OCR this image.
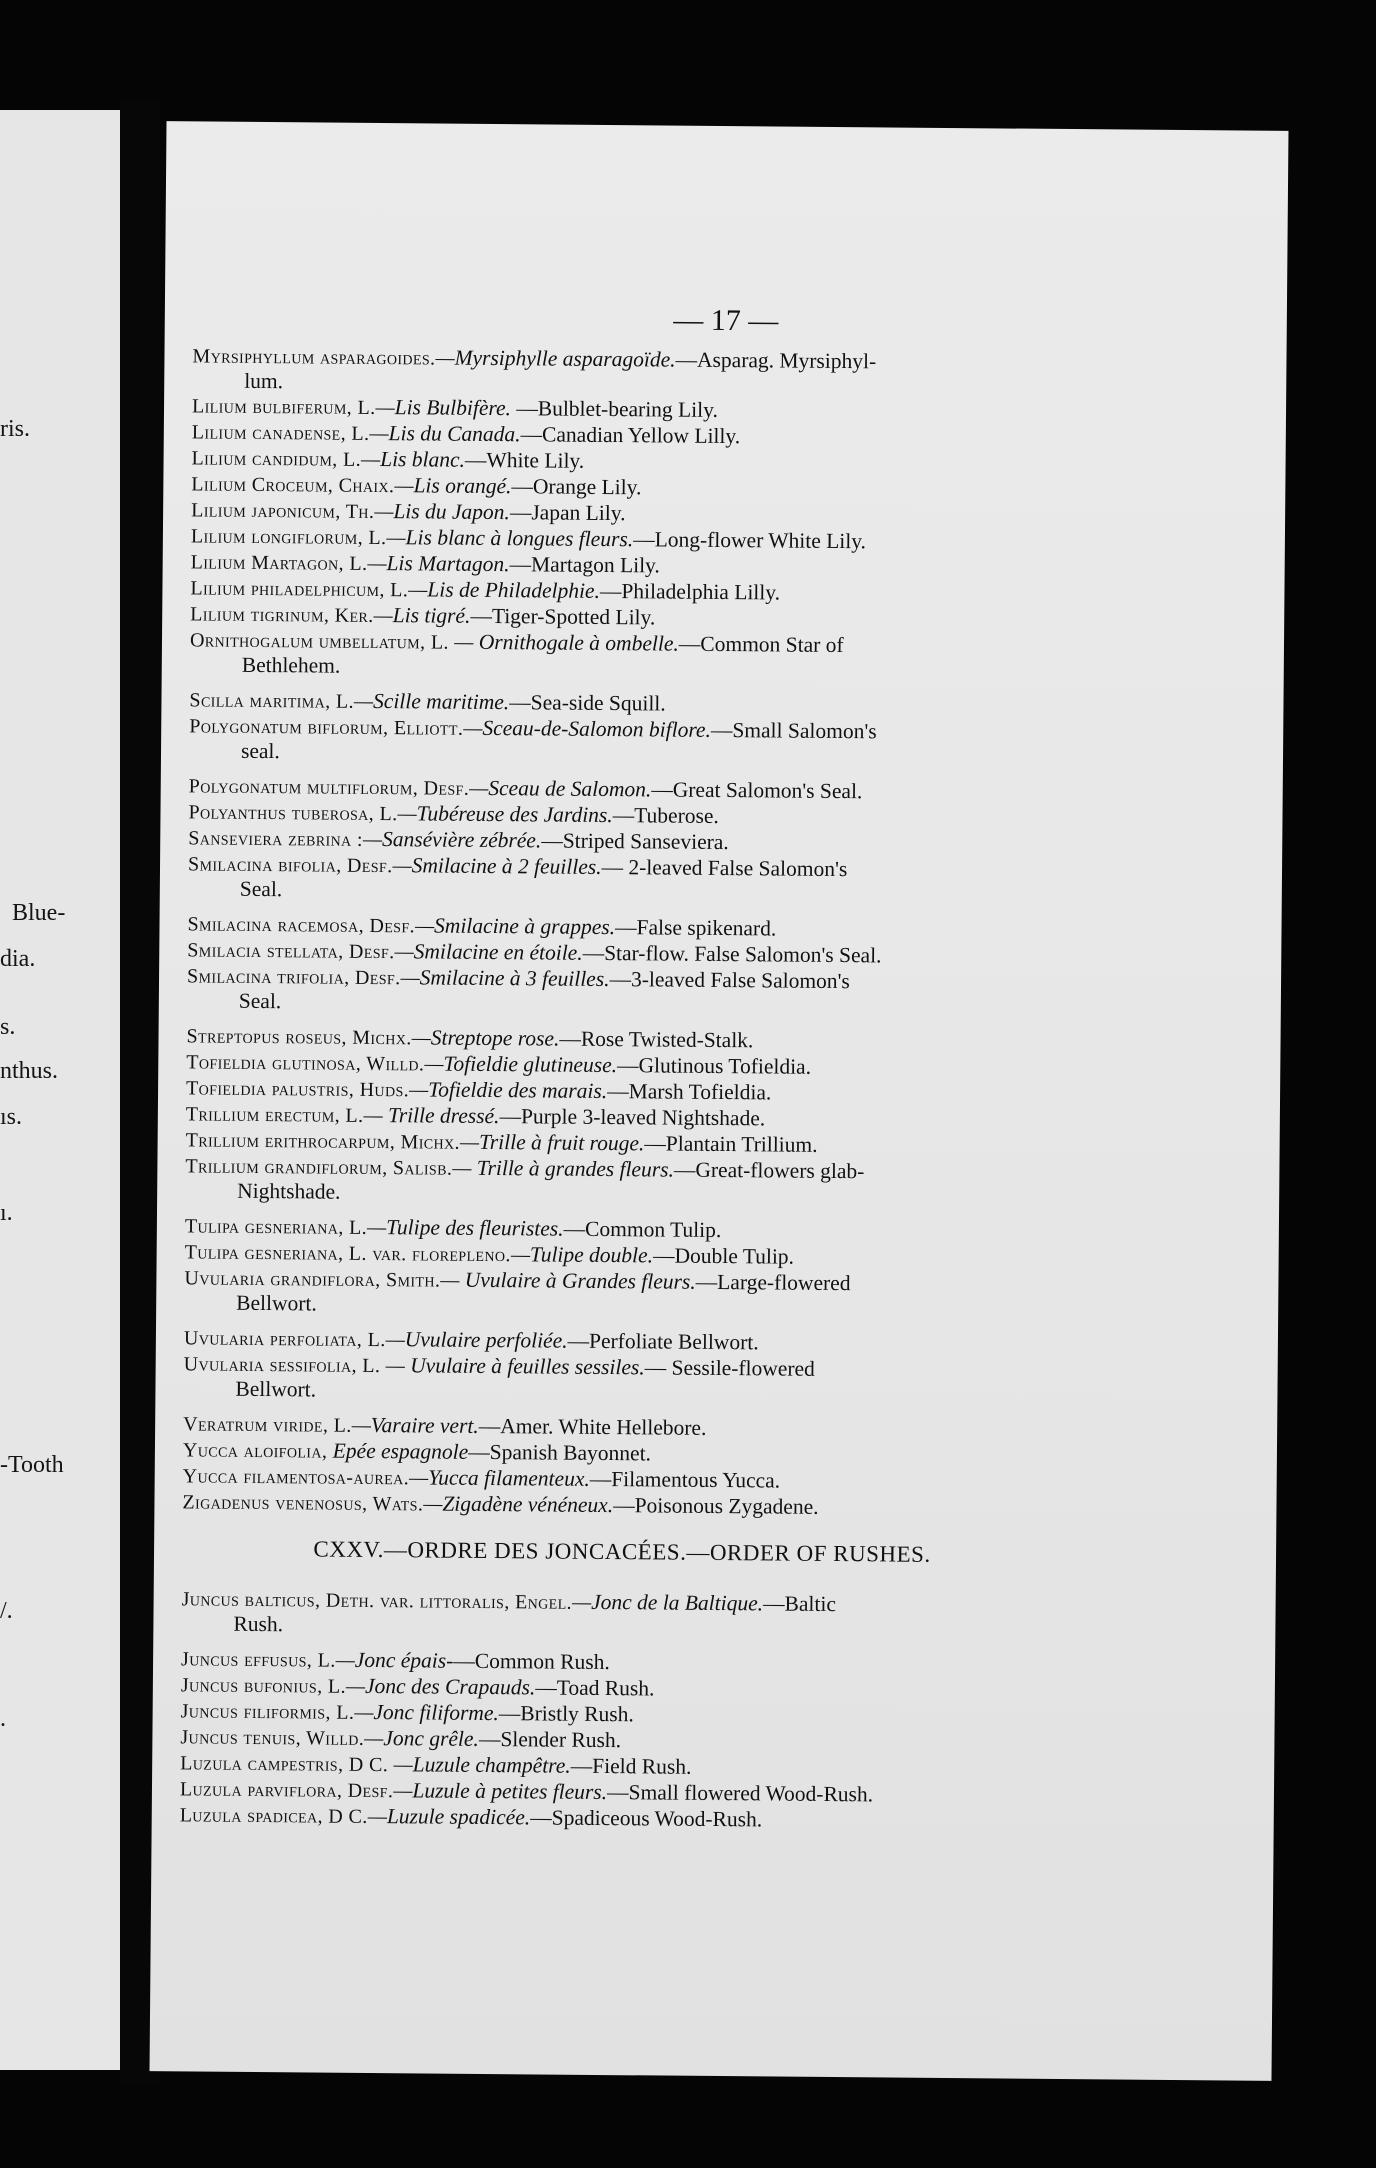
ris.
Blue-
dia.
s.
nthus.
ıs.
ı.
-Tooth
/.
.
— 17 —
Myrsiphyllum asparagoides.—Myrsiphylle asparagoïde.—Asparag. Myrsiphyl-
lum.
Lilium bulbiferum, L.—Lis Bulbifère. —Bulblet-bearing Lily.
Lilium canadense, L.—Lis du Canada.—Canadian Yellow Lilly.
Lilium candidum, L.—Lis blanc.—White Lily.
Lilium Croceum, Chaix.—Lis orangé.—Orange Lily.
Lilium japonicum, Th.—Lis du Japon.—Japan Lily.
Lilium longiflorum, L.—Lis blanc à longues fleurs.—Long-flower White Lily.
Lilium Martagon, L.—Lis Martagon.—Martagon Lily.
Lilium philadelphicum, L.—Lis de Philadelphie.—Philadelphia Lilly.
Lilium tigrinum, Ker.—Lis tigré.—Tiger-Spotted Lily.
Ornithogalum umbellatum, L. — Ornithogale à ombelle.—Common Star of
Bethlehem.
Scilla maritima, L.—Scille maritime.—Sea-side Squill.
Polygonatum biflorum, Elliott.—Sceau-de-Salomon biflore.—Small Salomon's
seal.
Polygonatum multiflorum, Desf.—Sceau de Salomon.—Great Salomon's Seal.
Polyanthus tuberosa, L.—Tubéreuse des Jardins.—Tuberose.
Sanseviera zebrina :—Sansévière zébrée.—Striped Sanseviera.
Smilacina bifolia, Desf.—Smilacine à 2 feuilles.— 2-leaved False Salomon's
Seal.
Smilacina racemosa, Desf.—Smilacine à grappes.—False spikenard.
Smilacia stellata, Desf.—Smilacine en étoile.—Star-flow. False Salomon's Seal.
Smilacina trifolia, Desf.—Smilacine à 3 feuilles.—3-leaved False Salomon's
Seal.
Streptopus roseus, Michx.—Streptope rose.—Rose Twisted-Stalk.
Tofieldia glutinosa, Willd.—Tofieldie glutineuse.—Glutinous Tofieldia.
Tofieldia palustris, Huds.—Tofieldie des marais.—Marsh Tofieldia.
Trillium erectum, L.— Trille dressé.—Purple 3-leaved Nightshade.
Trillium erithrocarpum, Michx.—Trille à fruit rouge.—Plantain Trillium.
Trillium grandiflorum, Salisb.— Trille à grandes fleurs.—Great-flowers glab-
Nightshade.
Tulipa gesneriana, L.—Tulipe des fleuristes.—Common Tulip.
Tulipa gesneriana, L. var. florepleno.—Tulipe double.—Double Tulip.
Uvularia grandiflora, Smith.— Uvulaire à Grandes fleurs.—Large-flowered
Bellwort.
Uvularia perfoliata, L.—Uvulaire perfoliée.—Perfoliate Bellwort.
Uvularia sessifolia, L. — Uvulaire à feuilles sessiles.— Sessile-flowered
Bellwort.
Veratrum viride, L.—Varaire vert.—Amer. White Hellebore.
Yucca aloifolia, Epée espagnole—Spanish Bayonnet.
Yucca filamentosa-aurea.—Yucca filamenteux.—Filamentous Yucca.
Zigadenus venenosus, Wats.—Zigadène vénéneux.—Poisonous Zygadene.
CXXV.—ORDRE DES JONCACÉES.—ORDER OF RUSHES.
Juncus balticus, Deth. var. littoralis, Engel.—Jonc de la Baltique.—Baltic
Rush.
Juncus effusus, L.—Jonc épais-—Common Rush.
Juncus bufonius, L.—Jonc des Crapauds.—Toad Rush.
Juncus filiformis, L.—Jonc filiforme.—Bristly Rush.
Juncus tenuis, Willd.—Jonc grêle.—Slender Rush.
Luzula campestris, D C. —Luzule champêtre.—Field Rush.
Luzula parviflora, Desf.—Luzule à petites fleurs.—Small flowered Wood-Rush.
Luzula spadicea, D C.—Luzule spadicée.—Spadiceous Wood-Rush.
